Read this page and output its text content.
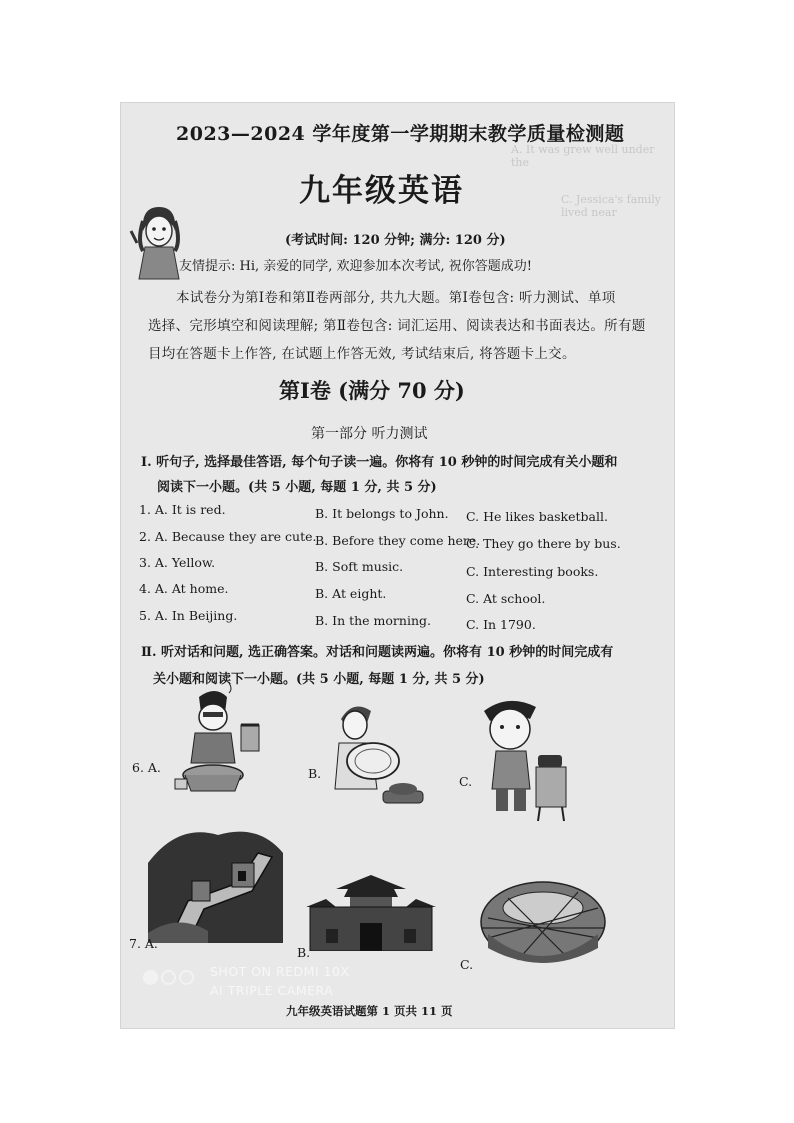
A. It was grew well under the
C. Jessica's family lived near
2023—2024 学年度第一学期期末教学质量检测题
九年级英语
(考试时间: 120 分钟; 满分: 120 分)
友情提示: Hi, 亲爱的同学, 欢迎参加本次考试, 祝你答题成功!
本试卷分为第Ⅰ卷和第Ⅱ卷两部分, 共九大题。第Ⅰ卷包含: 听力测试、单项
选择、完形填空和阅读理解; 第Ⅱ卷包含: 词汇运用、阅读表达和书面表达。所有题
目均在答题卡上作答, 在试题上作答无效, 考试结束后, 将答题卡上交。
第Ⅰ卷 (满分 70 分)
第一部分 听力测试
Ⅰ. 听句子, 选择最佳答语, 每个句子读一遍。你将有 10 秒钟的时间完成有关小题和
阅读下一小题。(共 5 小题, 每题 1 分, 共 5 分)
1. A. It is red.	B. It belongs to John. C. He likes basketball.
2. A. Because they are cute.
B. Before they come here.
C. They go there by bus.
3. A. Yellow.	B. Soft music.	C. Interesting books.
4. A. At home.	B. At eight.	C. At school.
5. A. In Beijing.	B. In the morning.	C. In 1790.
Ⅱ. 听对话和问题, 选正确答案。对话和问题读两遍。你将有 10 秒钟的时间完成有
关小题和阅读下一小题。(共 5 小题, 每题 1 分, 共 5 分)
6. A.	B.
C.
7. A.
B.
C.
九年级英语试题第 1 页共 11 页
SHOT ON REDMI 10X
AI TRIPLE CAMERA
